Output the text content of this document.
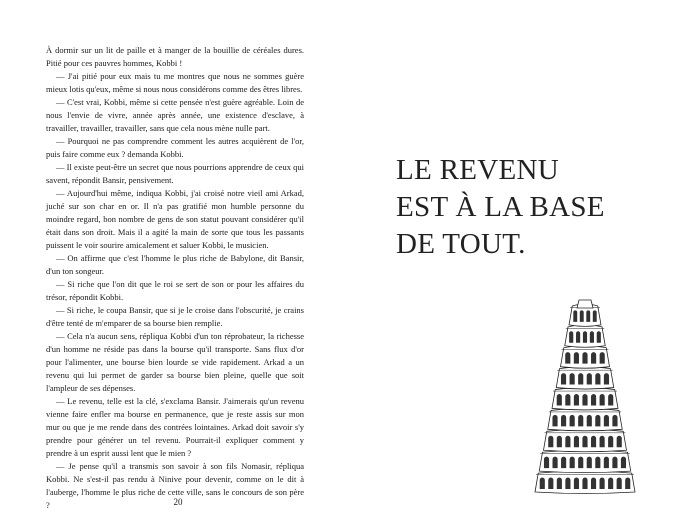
À dormir sur un lit de paille et à manger de la bouillie de céréales dures. Pitié pour ces pauvres hommes, Kobbi !

— J'ai pitié pour eux mais tu me montres que nous ne sommes guère mieux lotis qu'eux, même si nous nous considérons comme des êtres libres.

— C'est vrai, Kobbi, même si cette pensée n'est guère agréable. Loin de nous l'envie de vivre, année après année, une existence d'esclave, à travailler, travailler, travailler, sans que cela nous mène nulle part.

— Pourquoi ne pas comprendre comment les autres acquièrent de l'or, puis faire comme eux ? demanda Kobbi.

— Il existe peut-être un secret que nous pourrions apprendre de ceux qui savent, répondit Bansir, pensivement.

— Aujourd'hui même, indiqua Kobbi, j'ai croisé notre vieil ami Arkad, juché sur son char en or. Il n'a pas gratifié mon humble personne du moindre regard, bon nombre de gens de son statut pouvant considérer qu'il était dans son droit. Mais il a agité la main de sorte que tous les passants puissent le voir sourire amicalement et saluer Kobbi, le musicien.

— On affirme que c'est l'homme le plus riche de Babylone, dit Bansir, d'un ton songeur.

— Si riche que l'on dit que le roi se sert de son or pour les affaires du trésor, répondit Kobbi.

— Si riche, le coupa Bansir, que si je le croise dans l'obscurité, je crains d'être tenté de m'emparer de sa bourse bien remplie.

— Cela n'a aucun sens, répliqua Kobbi d'un ton réprobateur, la richesse d'un homme ne réside pas dans la bourse qu'il transporte. Sans flux d'or pour l'alimenter, une bourse bien lourde se vide rapidement. Arkad a un revenu qui lui permet de garder sa bourse bien pleine, quelle que soit l'ampleur de ses dépenses.

— Le revenu, telle est la clé, s'exclama Bansir. J'aimerais qu'un revenu vienne faire enfler ma bourse en permanence, que je reste assis sur mon mur ou que je me rende dans des contrées lointaines. Arkad doit savoir s'y prendre pour générer un tel revenu. Pourrait-il expliquer comment y prendre à un esprit aussi lent que le mien ?

— Je pense qu'il a transmis son savoir à son fils Nomasir, répliqua Kobbi. Ne s'est-il pas rendu à Ninive pour devenir, comme on le dit à l'auberge, l'homme le plus riche de cette ville, sans le concours de son père ?	20
LE REVENU
EST À LA BASE
DE TOUT.
